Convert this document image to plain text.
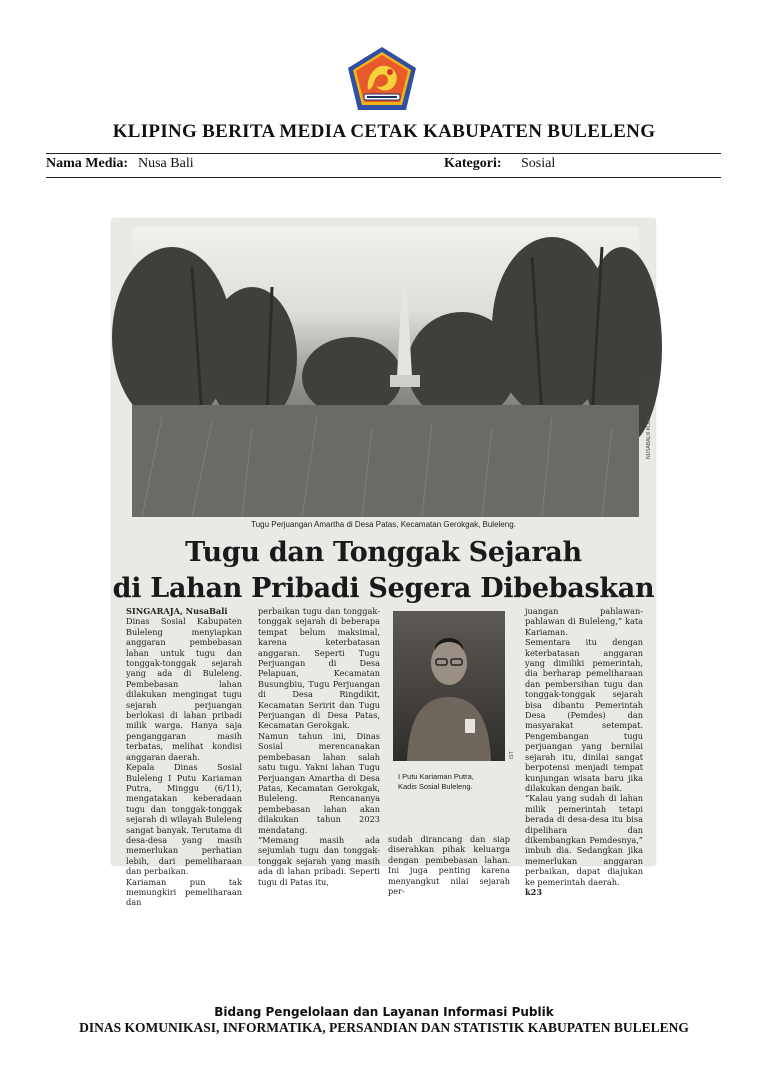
KLIPING BERITA MEDIA CETAK KABUPATEN BULELENG
Nama Media: Nusa Bali	Kategori: Sosial
NUSABALI/I KOMANG SUPRA ARIAN
Tugu Perjuangan Amartha di Desa Patas, Kecamatan Gerokgak, Buleleng.
Tugu dan Tonggak Sejarah
di Lahan Pribadi Segera Dibebaskan

SINGARAJA, NusaBali

Dinas Sosial Kabupaten Buleleng menyiapkan anggaran pembebasan lahan untuk tugu dan tonggak-tonggak sejarah yang ada di Buleleng. Pembebasan lahan dilakukan mengingat tugu sejarah perjuangan berlokasi di lahan pribadi milik warga. Hanya saja penganggaran masih terbatas, melihat kondisi anggaran daerah.

Kepala Dinas Sosial Buleleng I Putu Kariaman Putra, Minggu (6/11), mengatakan keberadaan tugu dan tonggak-tonggak sejarah di wilayah Buleleng sangat banyak. Terutama di desa-desa yang masih memerlukan perhatian lebih, dari pemeliharaan dan perbaikan.

Kariaman pun tak memungkiri pemeliharaan dan

perbaikan tugu dan tonggak-tonggak sejarah di beberapa tempat belum maksimal, karena keterbatasan anggaran. Seperti Tugu Perjuangan di Desa Pelapuan, Kecamatan Busungbiu, Tugu Perjuangan di Desa Ringdikit, Kecamatan Seririt dan Tugu Perjuangan di Desa Patas, Kecamatan Gerokgak.

Namun tahun ini, Dinas Sosial merencanakan pembebasan lahan salah satu tugu. Yakni lahan Tugu Perjuangan Amartha di Desa Patas, Kecamatan Gerokgak, Buleleng. Rencananya pembebasan lahan akan dilakukan tahun 2023 mendatang.

“Memang masih ada sejumlah tugu dan tonggak-tonggak sejarah yang masih ada di lahan pribadi. Seperti tugu di Patas itu,

sudah dirancang dan siap diserahkan pihak keluarga dengan pembebasan lahan. Ini juga penting karena menyangkut nilai sejarah per-

IST
I Putu Kariaman Putra,
Kadis Sosial Buleleng.

juangan pahlawan-pahlawan di Buleleng,” kata Kariaman.

Sementara itu dengan keterbatasan anggaran yang dimiliki pemerintah, dia berharap pemeliharaan dan pembersihan tugu dan tonggak-tonggak sejarah bisa dibantu Pemerintah Desa (Pemdes) dan masyarakat setempat. Pengembangan tugu perjuangan yang bernilai sejarah itu, dinilai sangat berpotensi menjadi tempat kunjungan wisata baru jika dilakukan dengan baik.

“Kalau yang sudah di lahan milik pemerintah tetapi berada di desa-desa itu bisa dipelihara dan dikembangkan Pemdesnya,” imbuh dia. Sedangkan jika memerlukan anggaran perbaikan, dapat diajukan ke pemerintah daerah.

k23

Bidang Pengelolaan dan Layanan Informasi Publik
DINAS KOMUNIKASI, INFORMATIKA, PERSANDIAN DAN STATISTIK KABUPATEN BULELENG
